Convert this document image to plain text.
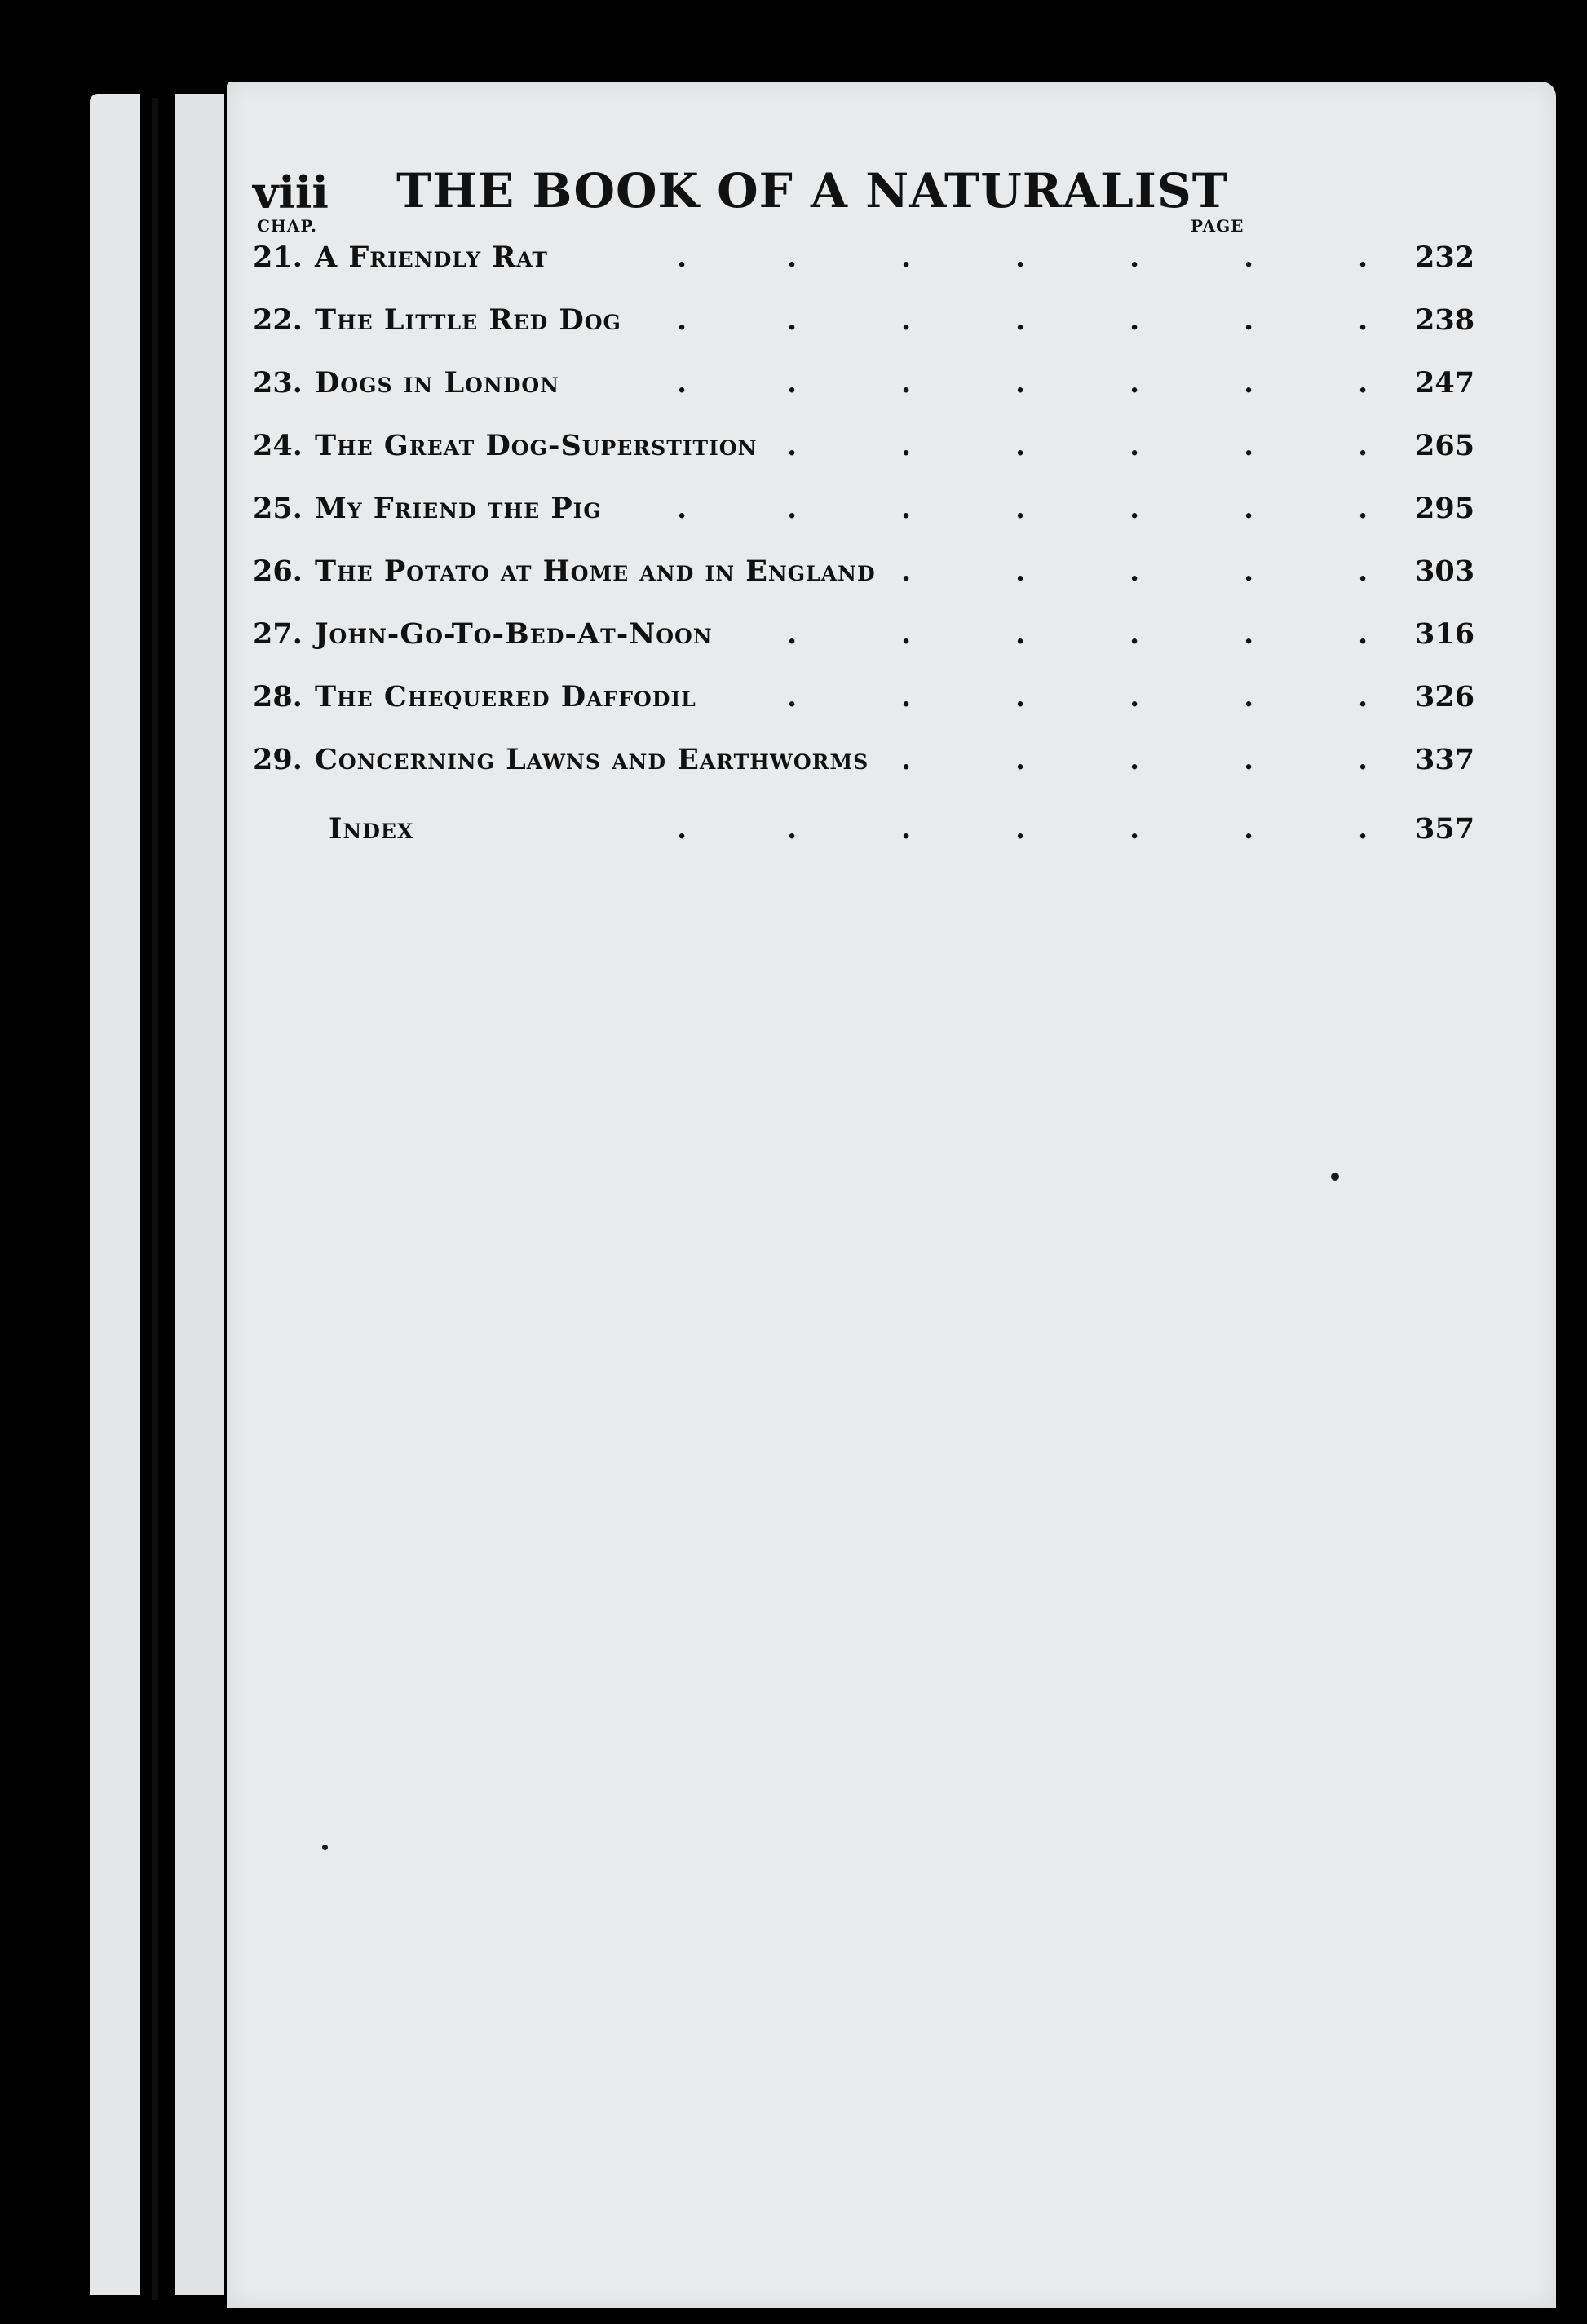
viii	THE BOOK OF A NATURALIST
CHAP.	PAGE
21. A Friendly Rat	.	.	.	.	.	.	. 232
22. The Little Red Dog .	.	.	.	.	.	. 238
23. Dogs in London	.	.	.	.	.	.	. 247
24. The Great Dog-Superstition .	.	.	.	.	. 265
25. My Friend the Pig	.	.	.	.	.	.	. 295
26. The Potato at Home and in England .	.	.	.	. 303
27. John-Go-To-Bed-At-Noon	.	.	.	.	.	. 316
28. The Chequered Daffodil	.	.	.	.	.	. 326
29. Concerning Lawns and Earthworms .	.	.	.	. 337
Index	.	.	.	.	.	.	. 357
